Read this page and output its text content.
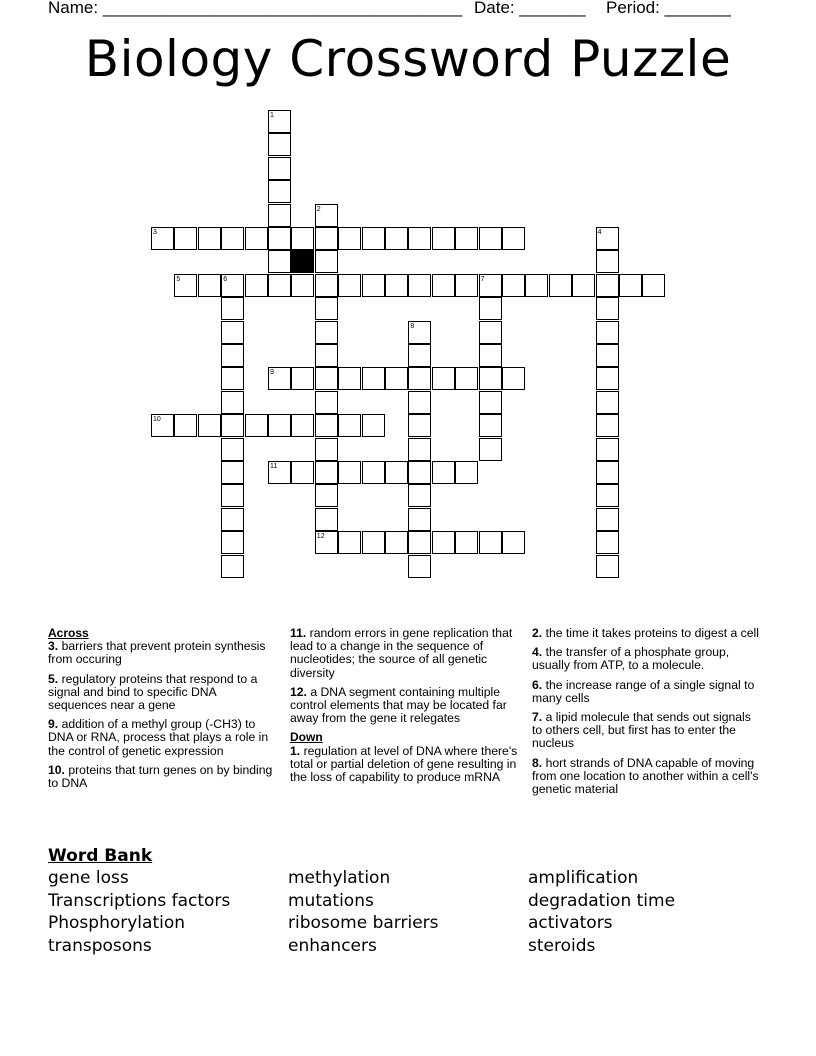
Name: ______________________________________ Date: _______ Period: _______
Biology Crossword Puzzle
1
2
3	4
5	6	7
8
9
10
11
12
Across
3. barriers that prevent protein synthesis from occuring
5. regulatory proteins that respond to a signal and bind to specific DNA sequences near a gene
9. addition of a methyl group (-CH3) to DNA or RNA, process that plays a role in the control of genetic expression
10. proteins that turn genes on by binding to DNA
11. random errors in gene replication that lead to a change in the sequence of nucleotides; the source of all genetic diversity
12. a DNA segment containing multiple control elements that may be located far away from the gene it relegates
Down
1. regulation at level of DNA where there's total or partial deletion of gene resulting in the loss of capability to produce mRNA
2. the time it takes proteins to digest a cell
4. the transfer of a phosphate group, usually from ATP, to a molecule.
6. the increase range of a single signal to many cells
7. a lipid molecule that sends out signals to others cell, but first has to enter the nucleus
8. hort strands of DNA capable of moving from one location to another within a cell's genetic material
Word Bank
gene loss
Transcriptions factors
Phosphorylation
transposons
methylation
mutations
ribosome barriers
enhancers
amplification
degradation time
activators
steroids
